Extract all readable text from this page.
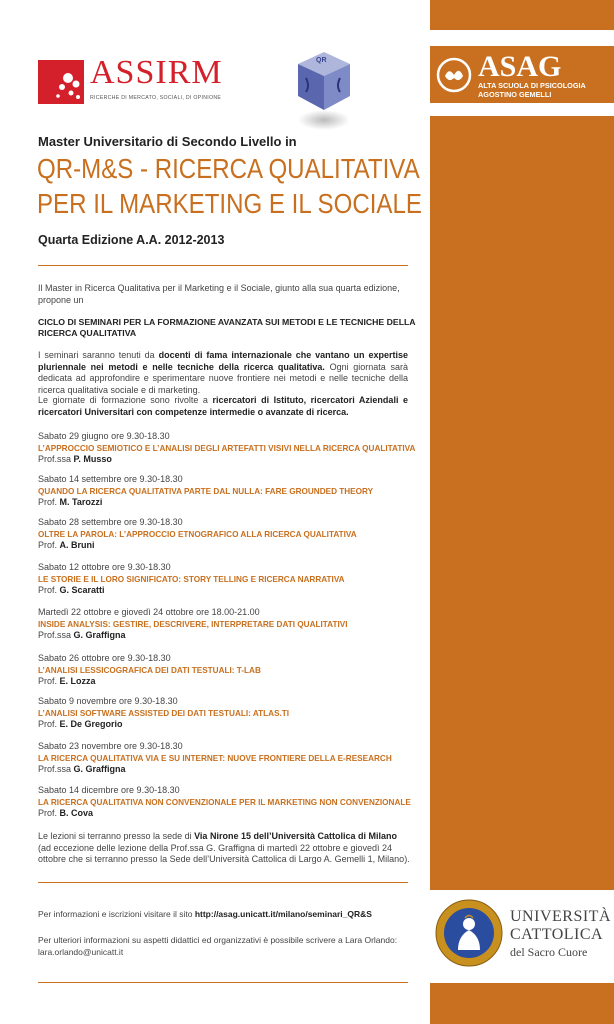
ASSIRM
RICERCHE DI MERCATO, SOCIALI, DI OPINIONE
QR	ASAG
ALTA SCUOLA DI PSICOLOGIA
AGOSTINO GEMELLI
Master Universitario di Secondo Livello in
QR-M&S - RICERCA QUALITATIVA
PER IL MARKETING E IL SOCIALE
Quarta Edizione A.A. 2012-2013
Il Master in Ricerca Qualitativa per il Marketing e il Sociale, giunto alla sua quarta edizione, propone un
CICLO DI SEMINARI PER LA FORMAZIONE AVANZATA SUI METODI E LE TECNICHE DELLA
RICERCA QUALITATIVA
I seminari saranno tenuti da docenti di fama internazionale che vantano un expertise pluriennale nei metodi e nelle tecniche della ricerca qualitativa. Ogni giornata sarà dedicata ad approfondire e sperimentare nuove frontiere nei metodi e nelle tecniche della ricerca qualitativa sociale e di marketing.
Le giornate di formazione sono rivolte a ricercatori di Istituto, ricercatori Aziendali e ricercatori Universitari con competenze intermedie o avanzate di ricerca.
Sabato 29 giugno ore 9.30-18.30
L’APPROCCIO SEMIOTICO E L’ANALISI DEGLI ARTEFATTI VISIVI NELLA RICERCA QUALITATIVA
Prof.ssa P. Musso
Sabato 14 settembre ore 9.30-18.30
QUANDO LA RICERCA QUALITATIVA PARTE DAL NULLA: FARE GROUNDED THEORY
Prof. M. Tarozzi
Sabato 28 settembre ore 9.30-18.30
OLTRE LA PAROLA: L’APPROCCIO ETNOGRAFICO ALLA RICERCA QUALITATIVA
Prof. A. Bruni
Sabato 12 ottobre ore 9.30-18.30
LE STORIE E IL LORO SIGNIFICATO: STORY TELLING E RICERCA NARRATIVA
Prof. G. Scaratti
Martedì 22 ottobre e giovedì 24 ottobre ore 18.00-21.00
INSIDE ANALYSIS: GESTIRE, DESCRIVERE, INTERPRETARE DATI QUALITATIVI
Prof.ssa G. Graffigna
Sabato 26 ottobre ore 9.30-18.30
L’ANALISI LESSICOGRAFICA DEI DATI TESTUALI: T-LAB
Prof. E. Lozza
Sabato 9 novembre ore 9.30-18.30
L’ANALISI SOFTWARE ASSISTED DEI DATI TESTUALI: ATLAS.TI
Prof. E. De Gregorio
Sabato 23 novembre ore 9.30-18.30
LA RICERCA QUALITATIVA VIA E SU INTERNET: NUOVE FRONTIERE DELLA E-RESEARCH
Prof.ssa G. Graffigna
Sabato 14 dicembre ore 9.30-18.30
LA RICERCA QUALITATIVA NON CONVENZIONALE PER IL MARKETING NON CONVENZIONALE
Prof. B. Cova
Le lezioni si terranno presso la sede di Via Nirone 15 dell’Università Cattolica di Milano (ad eccezione delle lezione della Prof.ssa G. Graffigna di martedì 22 ottobre e giovedì 24 ottobre che si terranno presso la Sede dell’Università Cattolica di Largo A. Gemelli 1, Milano).
Per informazioni e iscrizioni visitare il sito http://asag.unicatt.it/milano/seminari_QR&S
Per ulteriori informazioni su aspetti didattici ed organizzativi è possibile scrivere a Lara Orlando:
lara.orlando@unicatt.it
UNIVERSITÀ
CATTOLICA
del Sacro Cuore
